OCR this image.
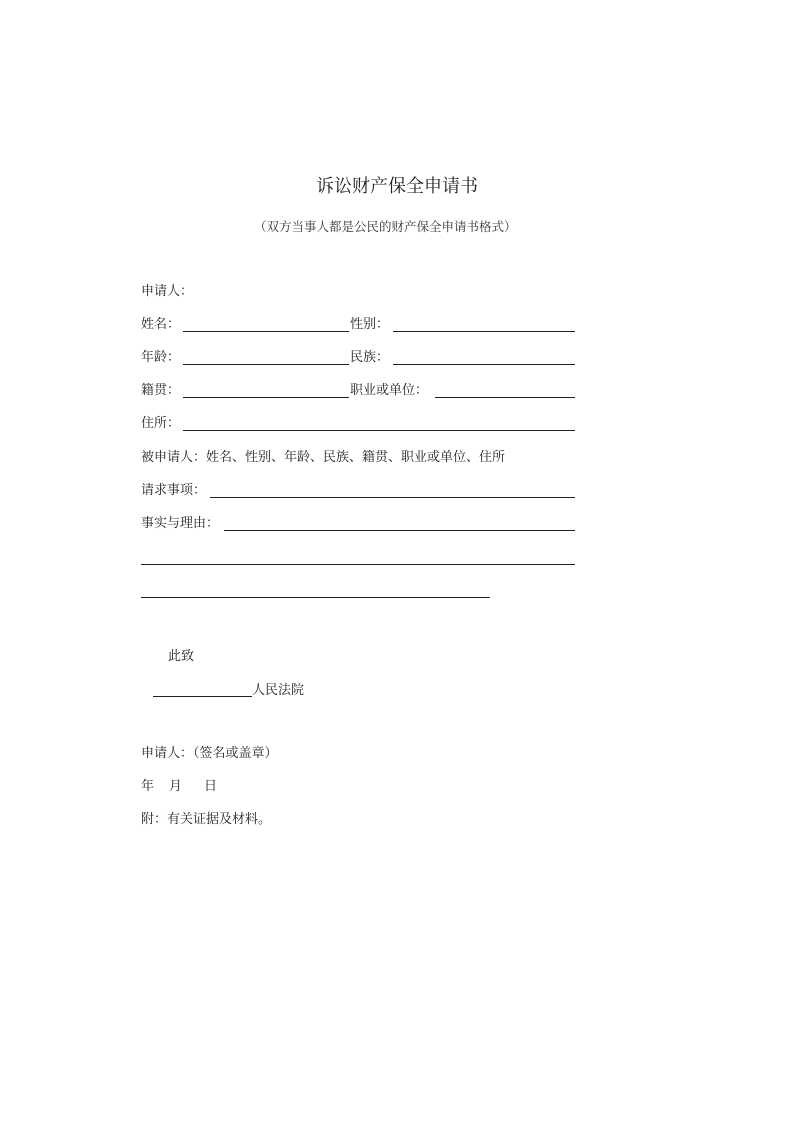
诉讼财产保全申请书
（双方当事人都是公民的财产保全申请书格式）
申请人：
姓名：	性别：
年龄：	民族：
籍贯：	职业或单位：
住所：
被申请人：姓名、性别、年龄、民族、籍贯、职业或单位、住所
请求事项：
事实与理由：
此致
人民法院
申请人：（签名或盖章）
年 月 日
附：有关证据及材料。
